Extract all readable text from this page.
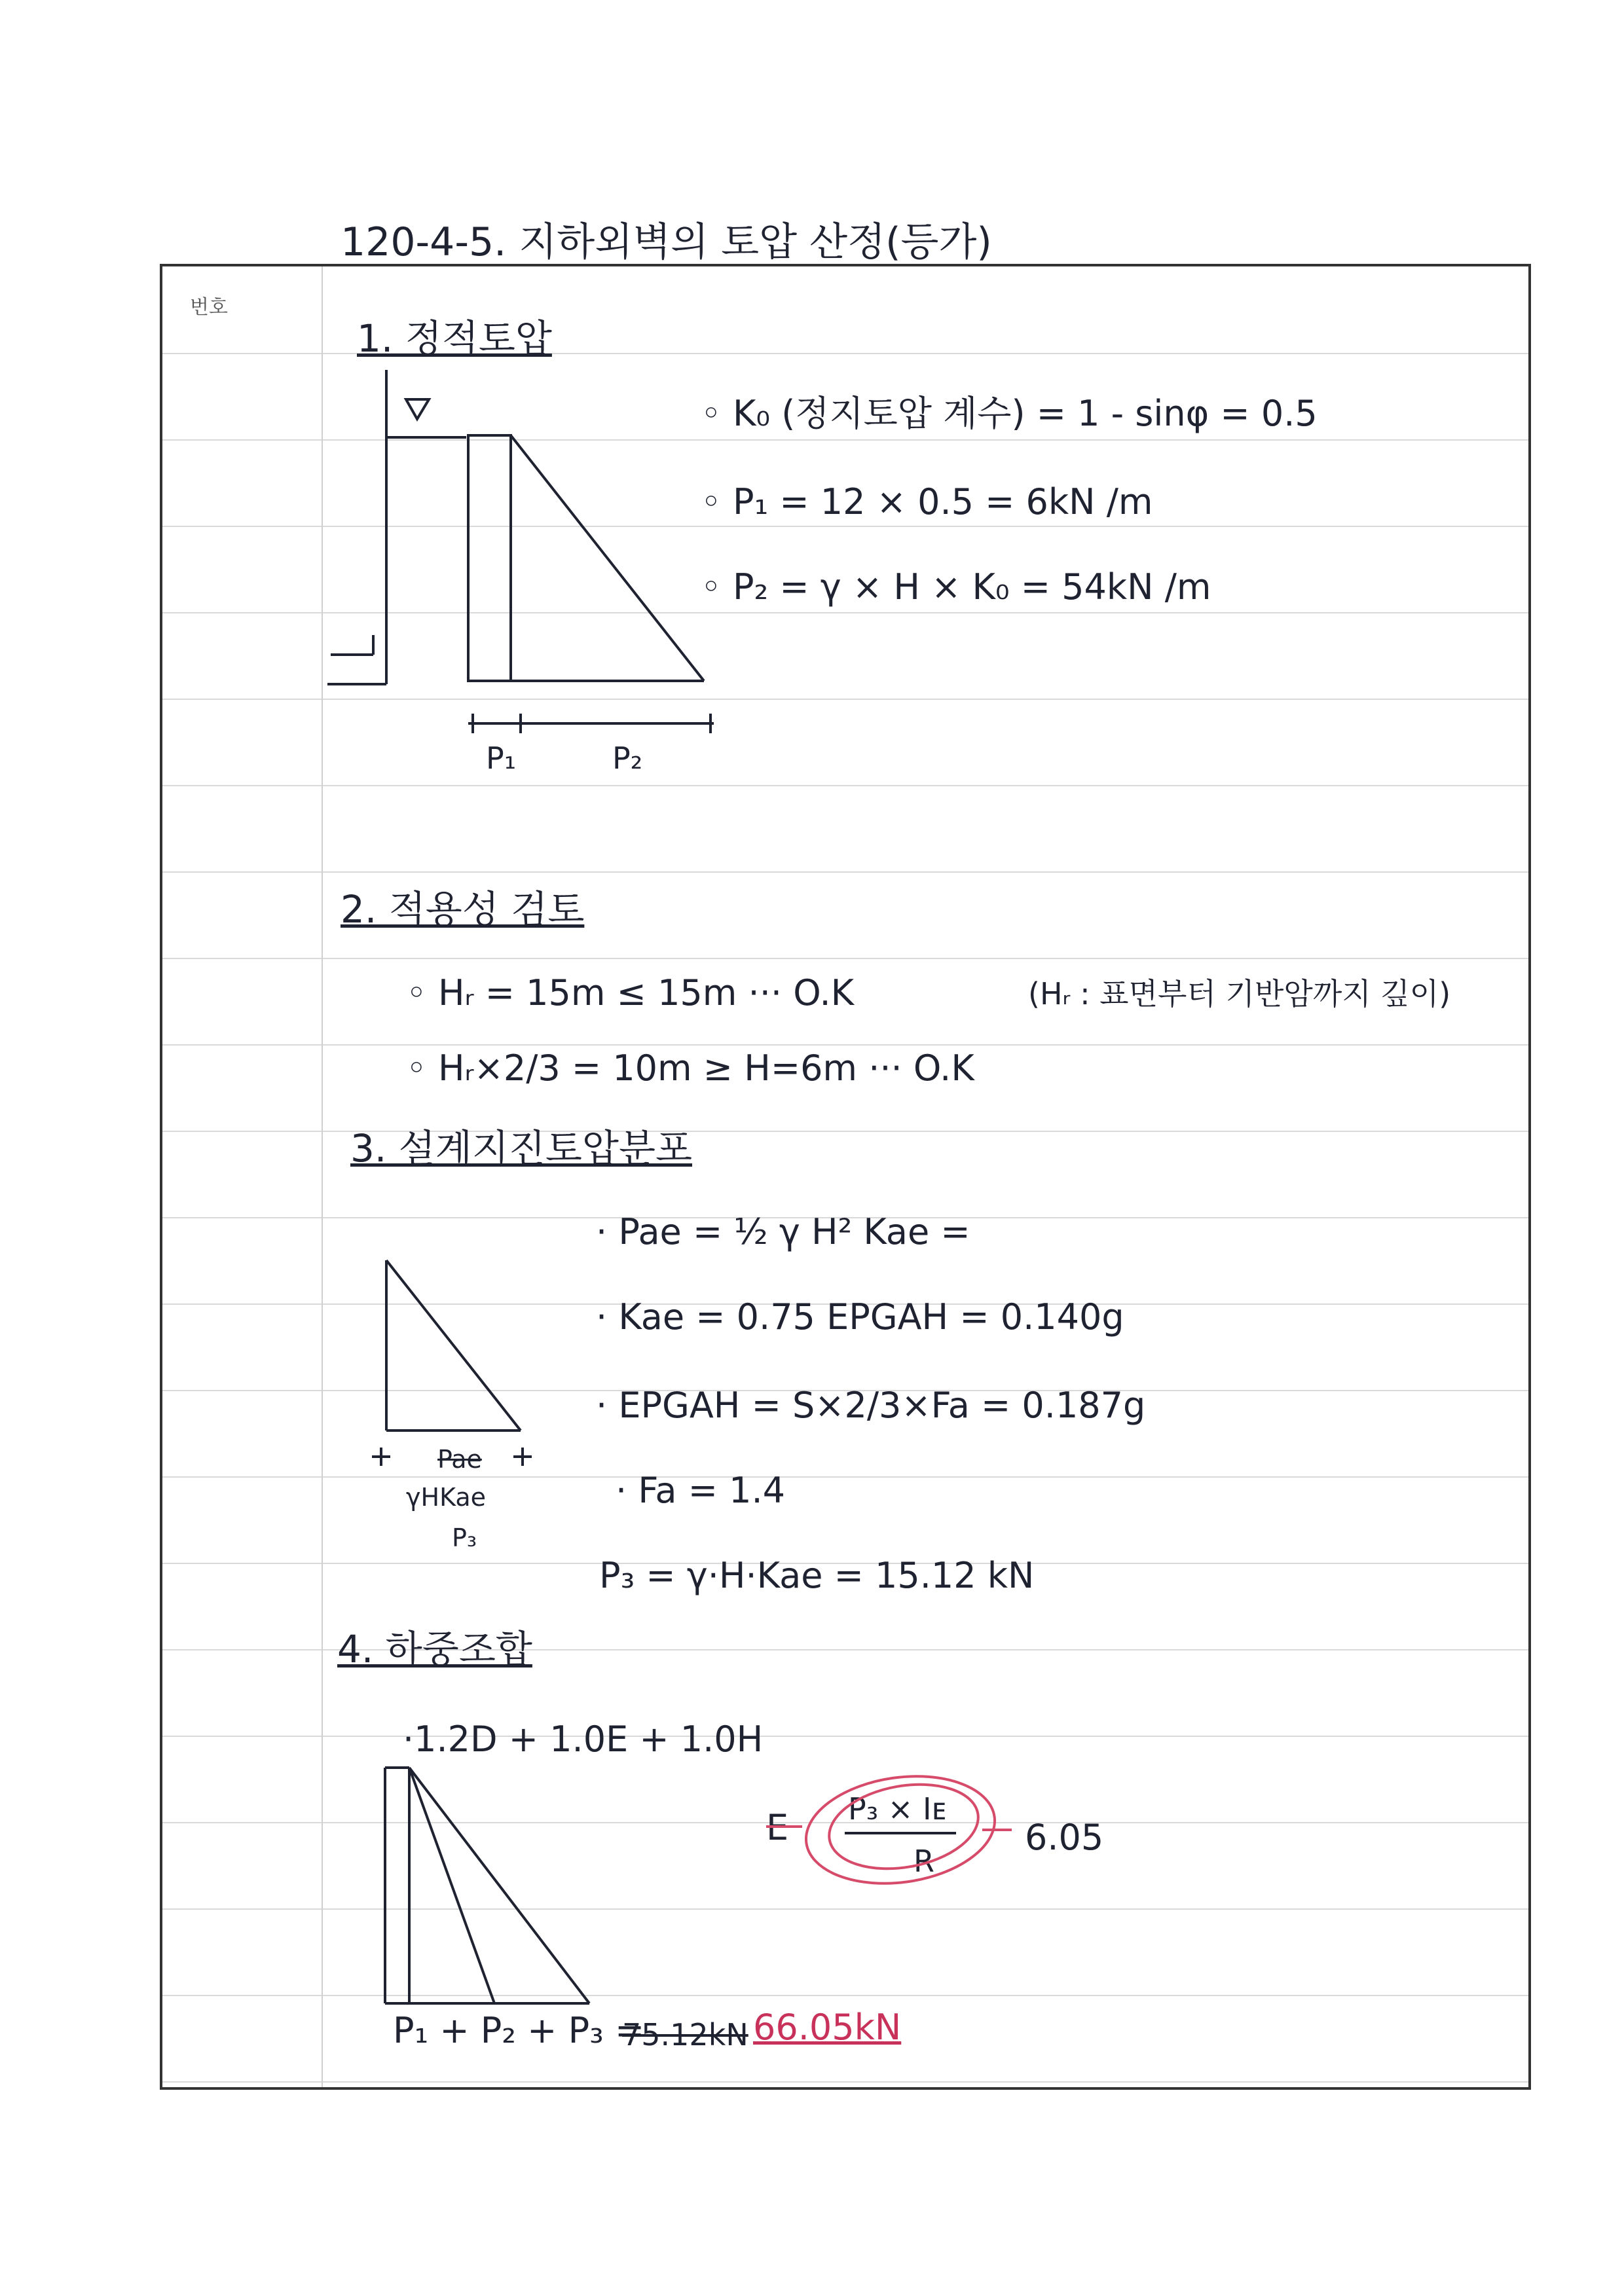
120-4-5. 지하외벽의 토압 산정(등가)
번호
1. 정적토압
◦ K₀ (정지토압 계수) = 1 - sinφ = 0.5
◦ P₁ = 12 × 0.5 = 6kN /m
◦ P₂ = γ × H × K₀ = 54kN /m
P₁	P₂
2. 적용성 검토
◦ Hᵣ = 15m ≤ 15m ··· O.K	(Hᵣ : 표면부터 기반암까지 깊이)
◦ Hᵣ×2/3 = 10m ≥ H=6m ··· O.K
3. 설계지진토압분포
· Pae = ½ γ H² Kae =
· Kae = 0.75 EPGAH = 0.140g
· EPGAH = S×2/3×Fa = 0.187g
· Fa = 1.4
P₃ = γ·H·Kae = 15.12 kN
Pae
γHKae
P₃
4. 하중조합
·1.2D + 1.0E + 1.0H
E P₃ × Iᴇ
R
6.05
P₁ + P₂ + P₃ =
75.12kN 66.05kN
